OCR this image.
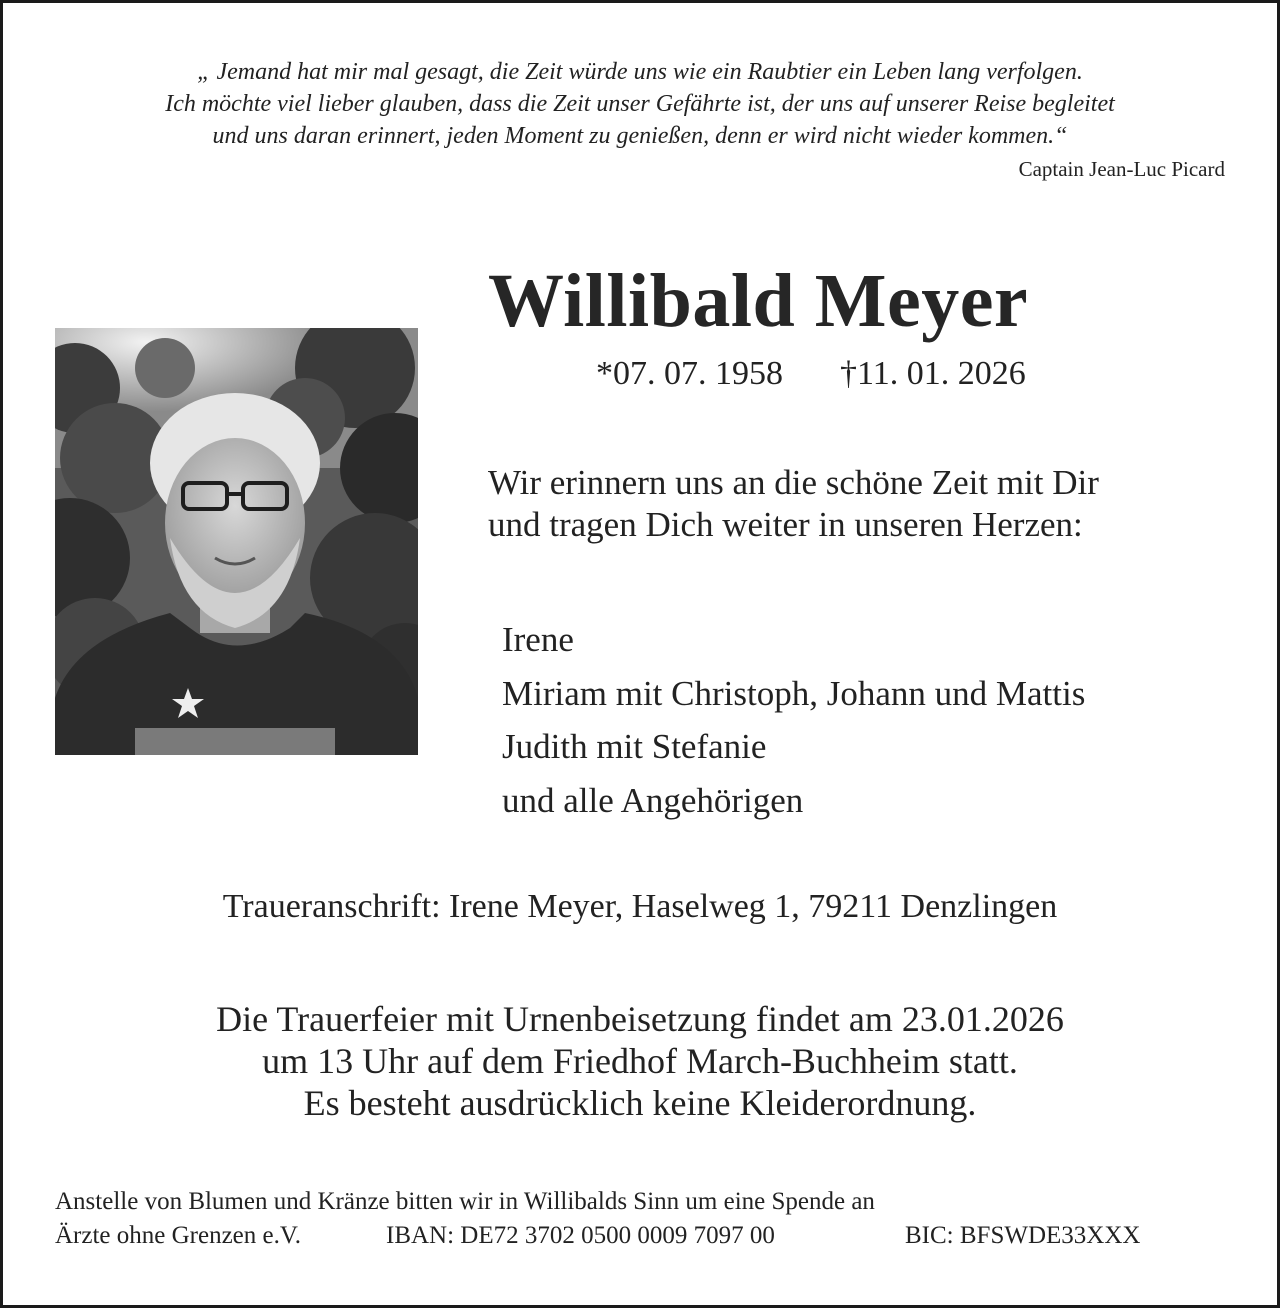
„ Jemand hat mir mal gesagt, die Zeit würde uns wie ein Raubtier ein Leben lang verfolgen.
Ich möchte viel lieber glauben, dass die Zeit unser Gefährte ist, der uns auf unserer Reise begleitet
und uns daran erinnert, jeden Moment zu genießen, denn er wird nicht wieder kommen.“
Captain Jean-Luc Picard
Willibald Meyer
*07. 07. 1958 †11. 01. 2026
Wir erinnern uns an die schöne Zeit mit Dir
und tragen Dich weiter in unseren Herzen:
Irene
Miriam mit Christoph, Johann und Mattis
Judith mit Stefanie
und alle Angehörigen
Traueranschrift: Irene Meyer, Haselweg 1, 79211 Denzlingen
Die Trauerfeier mit Urnenbeisetzung findet am 23.01.2026
um 13 Uhr auf dem Friedhof March-Buchheim statt.
Es besteht ausdrücklich keine Kleiderordnung.
Anstelle von Blumen und Kränze bitten wir in Willibalds Sinn um eine Spende an
Ärzte ohne Grenzen e.V.	IBAN: DE72 3702 0500 0009 7097 00	BIC: BFSWDE33XXX
